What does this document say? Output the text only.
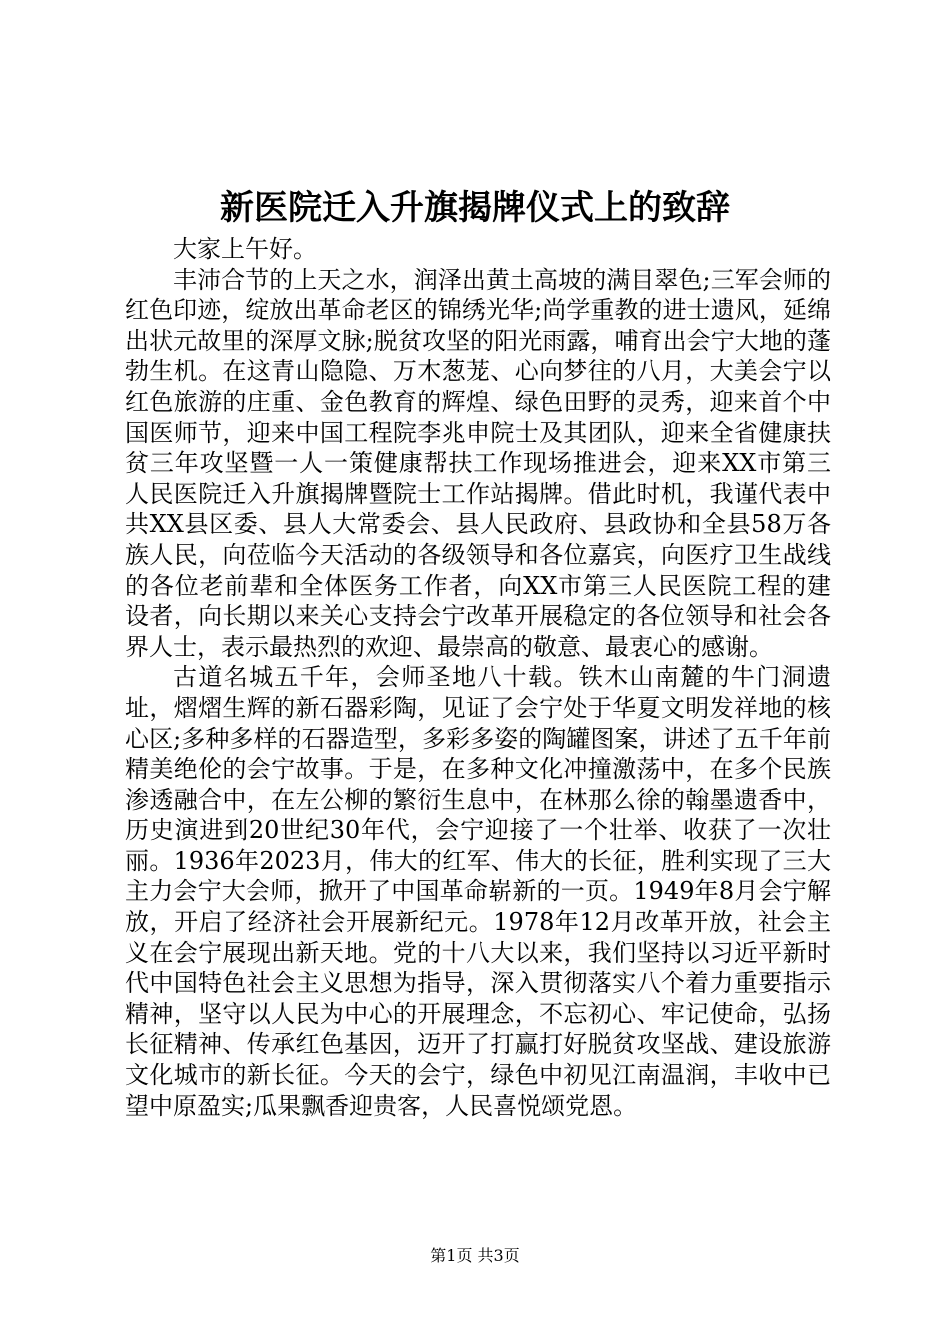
新医院迁入升旗揭牌仪式上的致辞

大家上午好。

丰沛合节的上天之水，润泽出黄土高坡的满目翠色;三军会师的红色印迹，绽放出革命老区的锦绣光华;尚学重教的进士遗风，延绵出状元故里的深厚文脉;脱贫攻坚的阳光雨露，哺育出会宁大地的蓬勃生机。在这青山隐隐、万木葱茏、心向梦往的八月，大美会宁以红色旅游的庄重、金色教育的辉煌、绿色田野的灵秀，迎来首个中国医师节，迎来中国工程院李兆申院士及其团队，迎来全省健康扶贫三年攻坚暨一人一策健康帮扶工作现场推进会，迎来XX市第三人民医院迁入升旗揭牌暨院士工作站揭牌。借此时机，我谨代表中共XX县区委、县人大常委会、县人民政府、县政协和全县58万各族人民，向莅临今天活动的各级领导和各位嘉宾，向医疗卫生战线的各位老前辈和全体医务工作者，向XX市第三人民医院工程的建设者，向长期以来关心支持会宁改革开展稳定的各位领导和社会各界人士，表示最热烈的欢迎、最崇高的敬意、最衷心的感谢。

古道名城五千年，会师圣地八十载。铁木山南麓的牛门洞遗址，熠熠生辉的新石器彩陶，见证了会宁处于华夏文明发祥地的核心区;多种多样的石器造型，多彩多姿的陶罐图案，讲述了五千年前精美绝伦的会宁故事。于是，在多种文化冲撞激荡中，在多个民族渗透融合中，在左公柳的繁衍生息中，在林那么徐的翰墨遗香中，历史演进到20世纪30年代，会宁迎接了一个壮举、收获了一次壮丽。1936年2023月，伟大的红军、伟大的长征，胜利实现了三大主力会宁大会师，掀开了中国革命崭新的一页。1949年8月会宁解放，开启了经济社会开展新纪元。1978年12月改革开放，社会主义在会宁展现出新天地。党的十八大以来，我们坚持以习近平新时代中国特色社会主义思想为指导，深入贯彻落实八个着力重要指示精神，坚守以人民为中心的开展理念，不忘初心、牢记使命，弘扬长征精神、传承红色基因，迈开了打赢打好脱贫攻坚战、建设旅游文化城市的新长征。今天的会宁，绿色中初见江南温润，丰收中已望中原盈实;瓜果飘香迎贵客，人民喜悦颂党恩。

第1页 共3页
